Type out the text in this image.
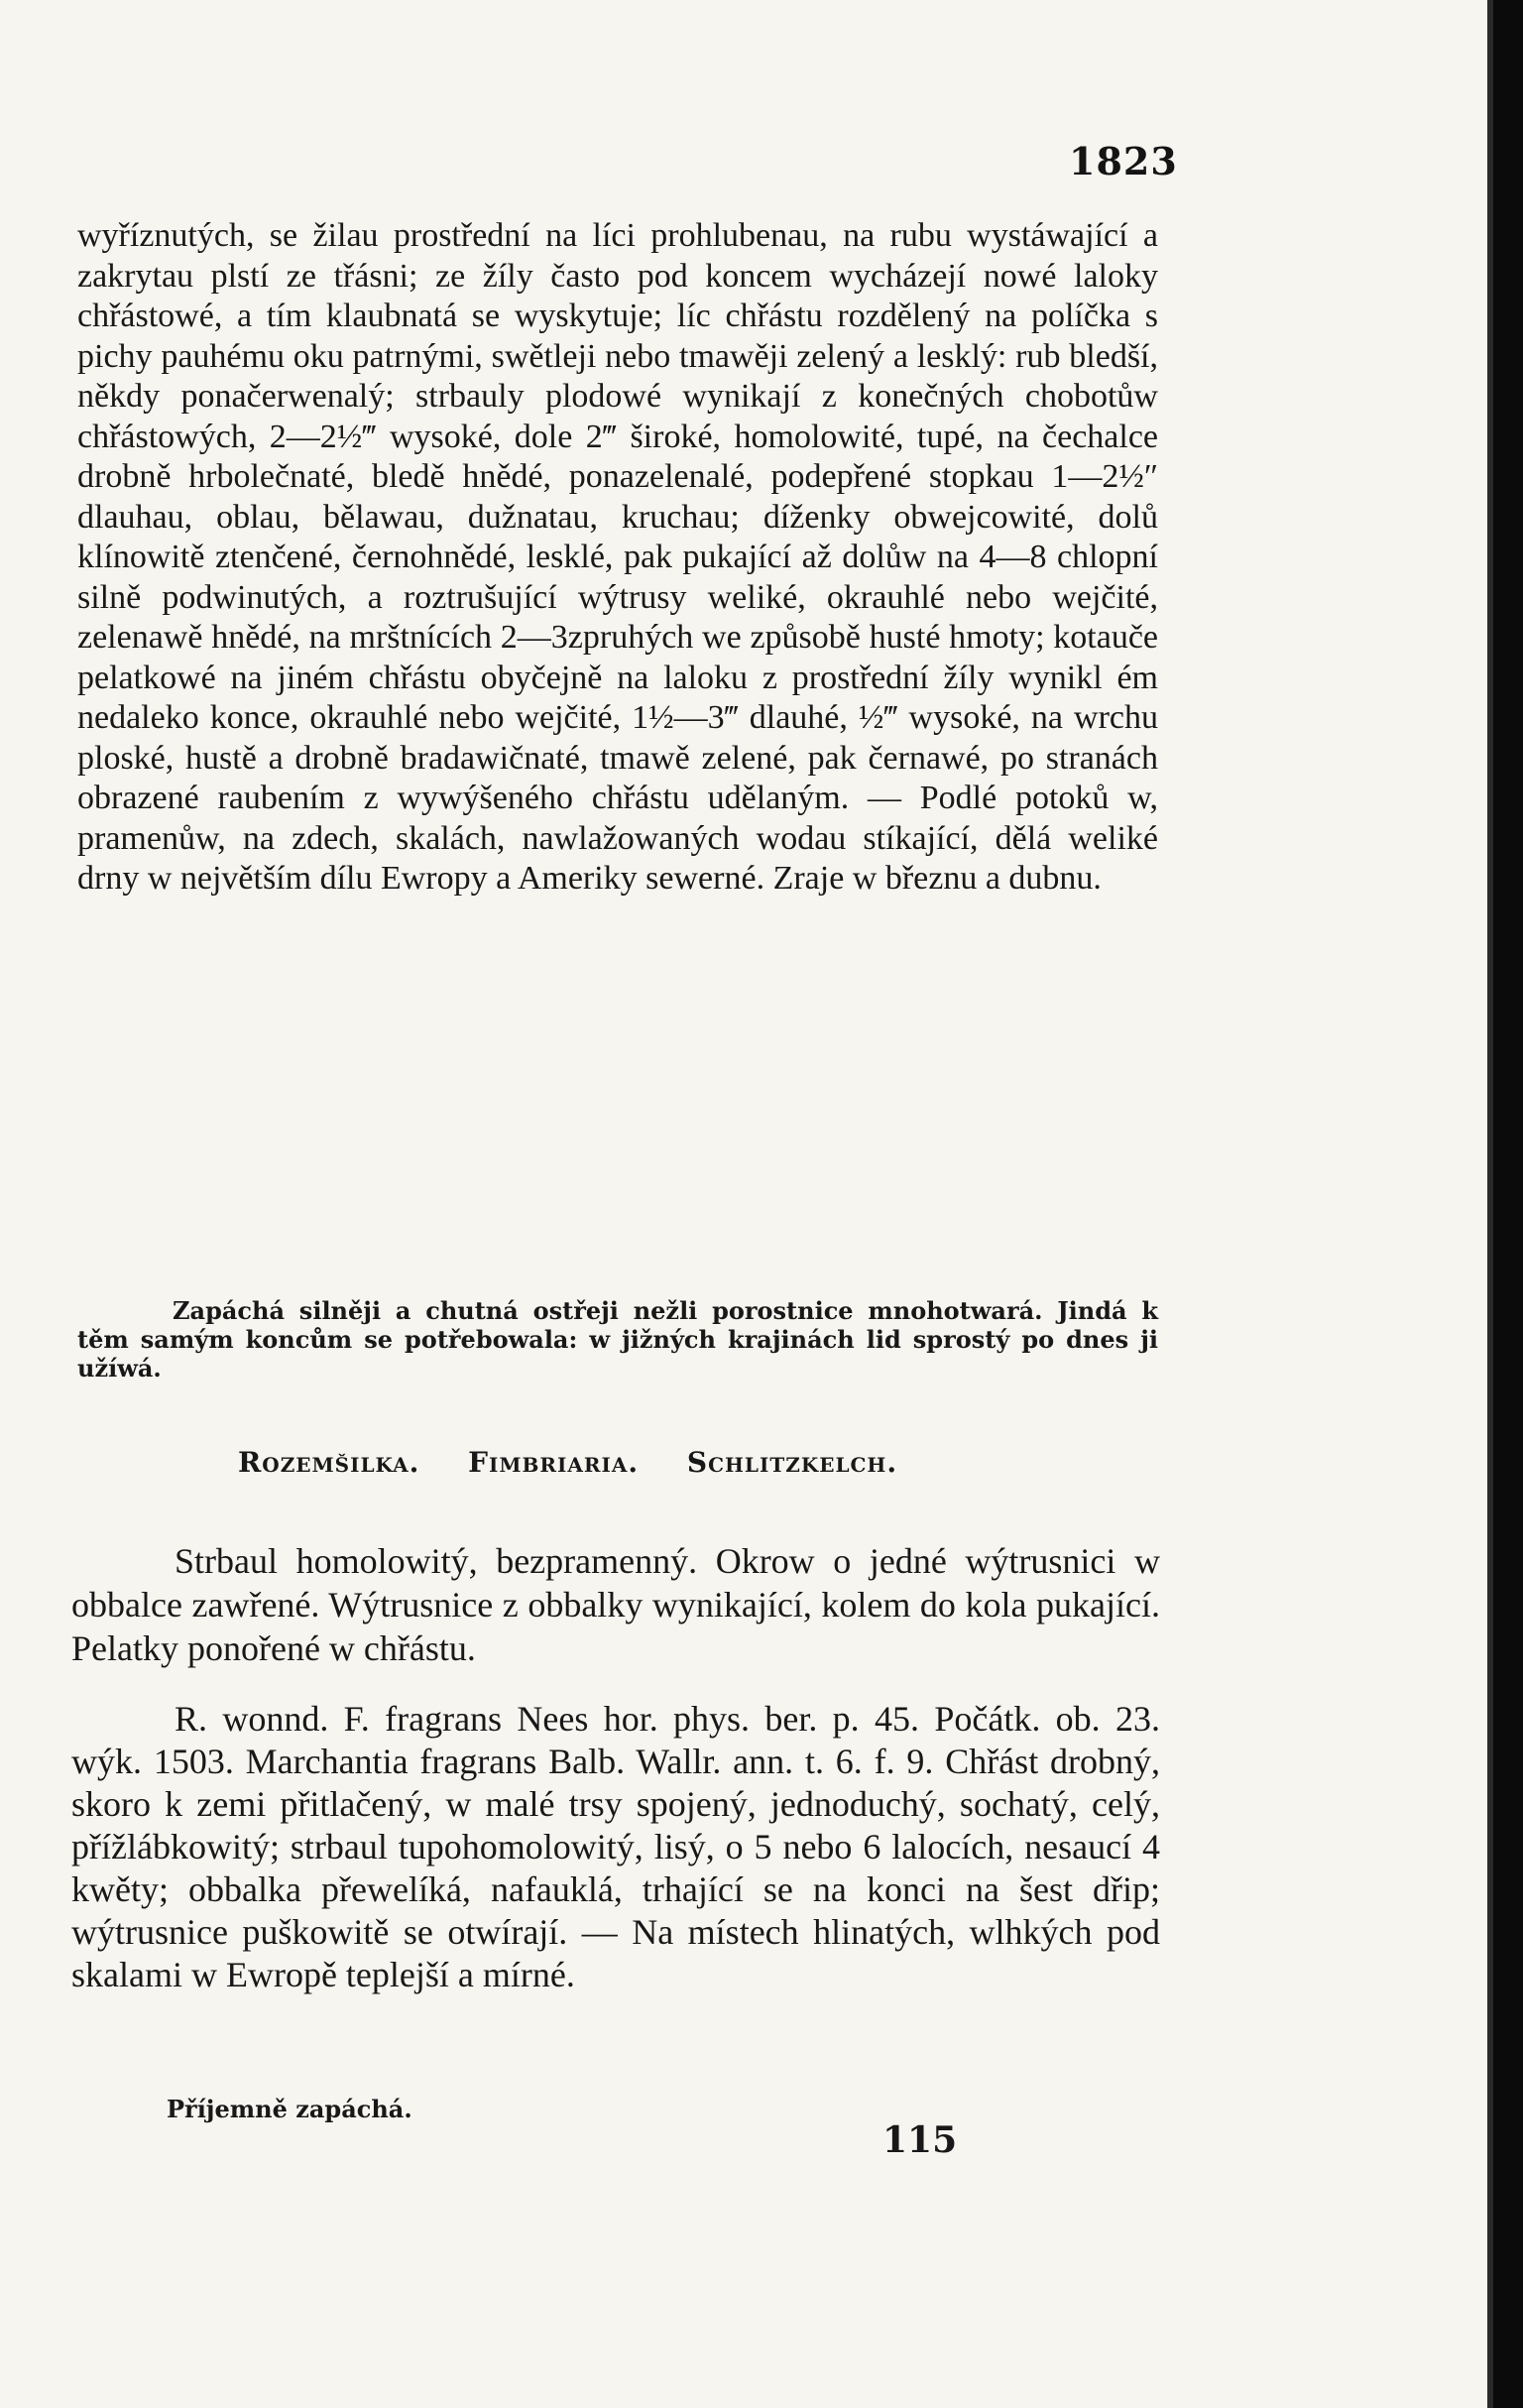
1823

wyříznutých, se žilau prostřední na líci prohlubenau, na rubu wystáwající a zakrytau plstí ze třásni; ze žíly často pod koncem wycházejí nowé laloky chřástowé, a tím klaubnatá se wyskytuje; líc chřástu rozdělený na políčka s pichy pauhému oku patrnými, swětleji nebo tmawěji zelený a lesklý: rub bledší, někdy ponačerwenalý; strbauly plodowé wynikají z konečných chobotůw chřástowých, 2—2½‴ wysoké, dole 2‴ široké, homolowité, tupé, na čechalce drobně hrbolečnaté, bledě hnědé, ponazelenalé, podepřené stopkau 1—2½″ dlauhau, oblau, bělawau, dužnatau, kruchau; díženky obwejcowité, dolů klínowitě ztenčené, černohnědé, lesklé, pak pukající až dolůw na 4—8 chlopní silně podwinutých, a roztrušující wýtrusy weliké, okrauhlé nebo wejčité, zelenawě hnědé, na mrštnících 2—3zpruhých we způsobě husté hmoty; kotauče pelatkowé na jiném chřástu obyčejně na laloku z prostřední žíly wynikl ém nedaleko konce, okrauhlé nebo wejčité, 1½—3‴ dlauhé, ½‴ wysoké, na wrchu ploské, hustě a drobně bradawičnaté, tmawě zelené, pak černawé, po stranách obrazené raubením z wywýšeného chřástu udělaným. — Podlé potoků w, pramenůw, na zdech, skalách, nawlažowaných wodau stíkající, dělá weliké drny w největším dílu Ewropy a Ameriky sewerné. Zraje w březnu a dubnu.

Zapáchá silněji a chutná ostřeji nežli porostnice mnohotwará. Jindá k těm samým koncům se potřebowala: w jižných krajinách lid sprostý po dnes ji užíwá.

Rozemšilka. Fimbriaria. Schlitzkelch.

Strbaul homolowitý, bezpramenný. Okrow o jedné wýtrusnici w obbalce zawřené. Wýtrusnice z obbalky wynikající, kolem do kola pukající. Pelatky ponořené w chřástu.

R. wonnd. F. fragrans Nees hor. phys. ber. p. 45. Počátk. ob. 23. wýk. 1503. Marchantia fragrans Balb. Wallr. ann. t. 6. f. 9. Chřást drobný, skoro k zemi přitlačený, w malé trsy spojený, jednoduchý, sochatý, celý, přížlábkowitý; strbaul tupohomolowitý, lisý, o 5 nebo 6 lalocích, nesaucí 4 kwěty; obbalka přewelíká, nafauklá, trhající se na konci na šest dřip; wýtrusnice puškowitě se otwírají. — Na místech hlinatých, wlhkých pod skalami w Ewropě teplejší a mírné.

Příjemně zapáchá.
115
